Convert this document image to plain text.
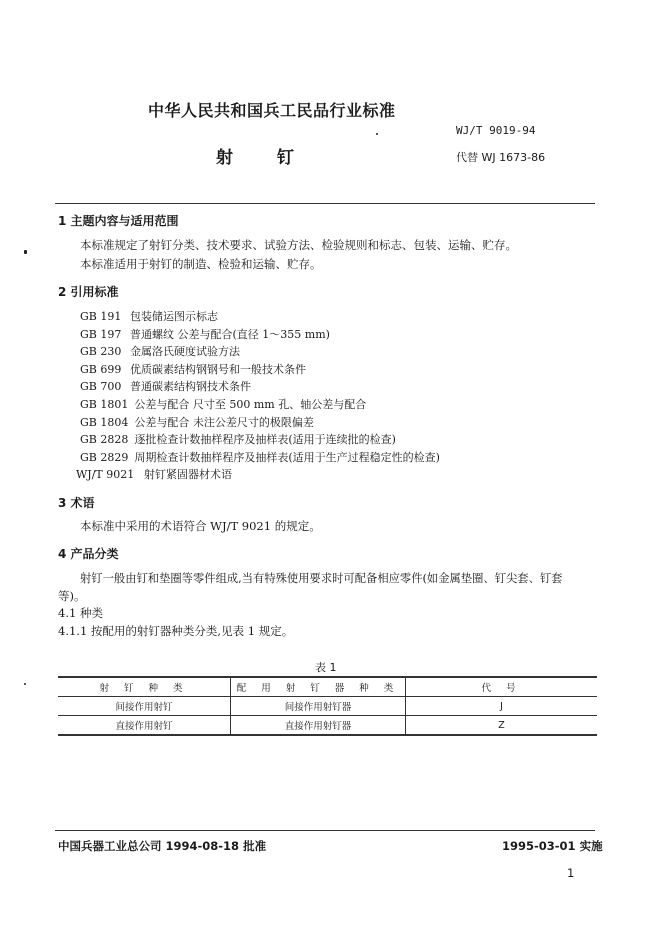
中华人民共和国兵工民品行业标准
WJ/T 9019-94
射 钉	代替 WJ 1673-86
1 主题内容与适用范围
本标准规定了射钉分类、技术要求、试验方法、检验规则和标志、包装、运输、贮存。
本标准适用于射钉的制造、检验和运输、贮存。
2 引用标准
GB 191 包装储运图示标志
GB 197 普通螺纹 公差与配合(直径 1～355 mm)
GB 230 金属洛氏硬度试验方法
GB 699 优质碳素结构钢钢号和一般技术条件
GB 700 普通碳素结构钢技术条件
GB 1801 公差与配合 尺寸至 500 mm 孔、轴公差与配合
GB 1804 公差与配合 未注公差尺寸的极限偏差
GB 2828 逐批检查计数抽样程序及抽样表(适用于连续批的检查)
GB 2829 周期检查计数抽样程序及抽样表(适用于生产过程稳定性的检查)
WJ/T 9021 射钉紧固器材术语
3 术语
本标准中采用的术语符合 WJ/T 9021 的规定。
4 产品分类
射钉一般由钉和垫圈等零件组成,当有特殊使用要求时可配备相应零件(如金属垫圈、钉尖套、钉套
等)。
4.1 种类
4.1.1 按配用的射钉器种类分类,见表 1 规定。
表 1
射 钉 种 类	配 用 射 钉 器 种 类	代 号
间接作用射钉	间接作用射钉器	J
直接作用射钉	直接作用射钉器	Z
中国兵器工业总公司 1994-08-18 批准	1995-03-01 实施
1
